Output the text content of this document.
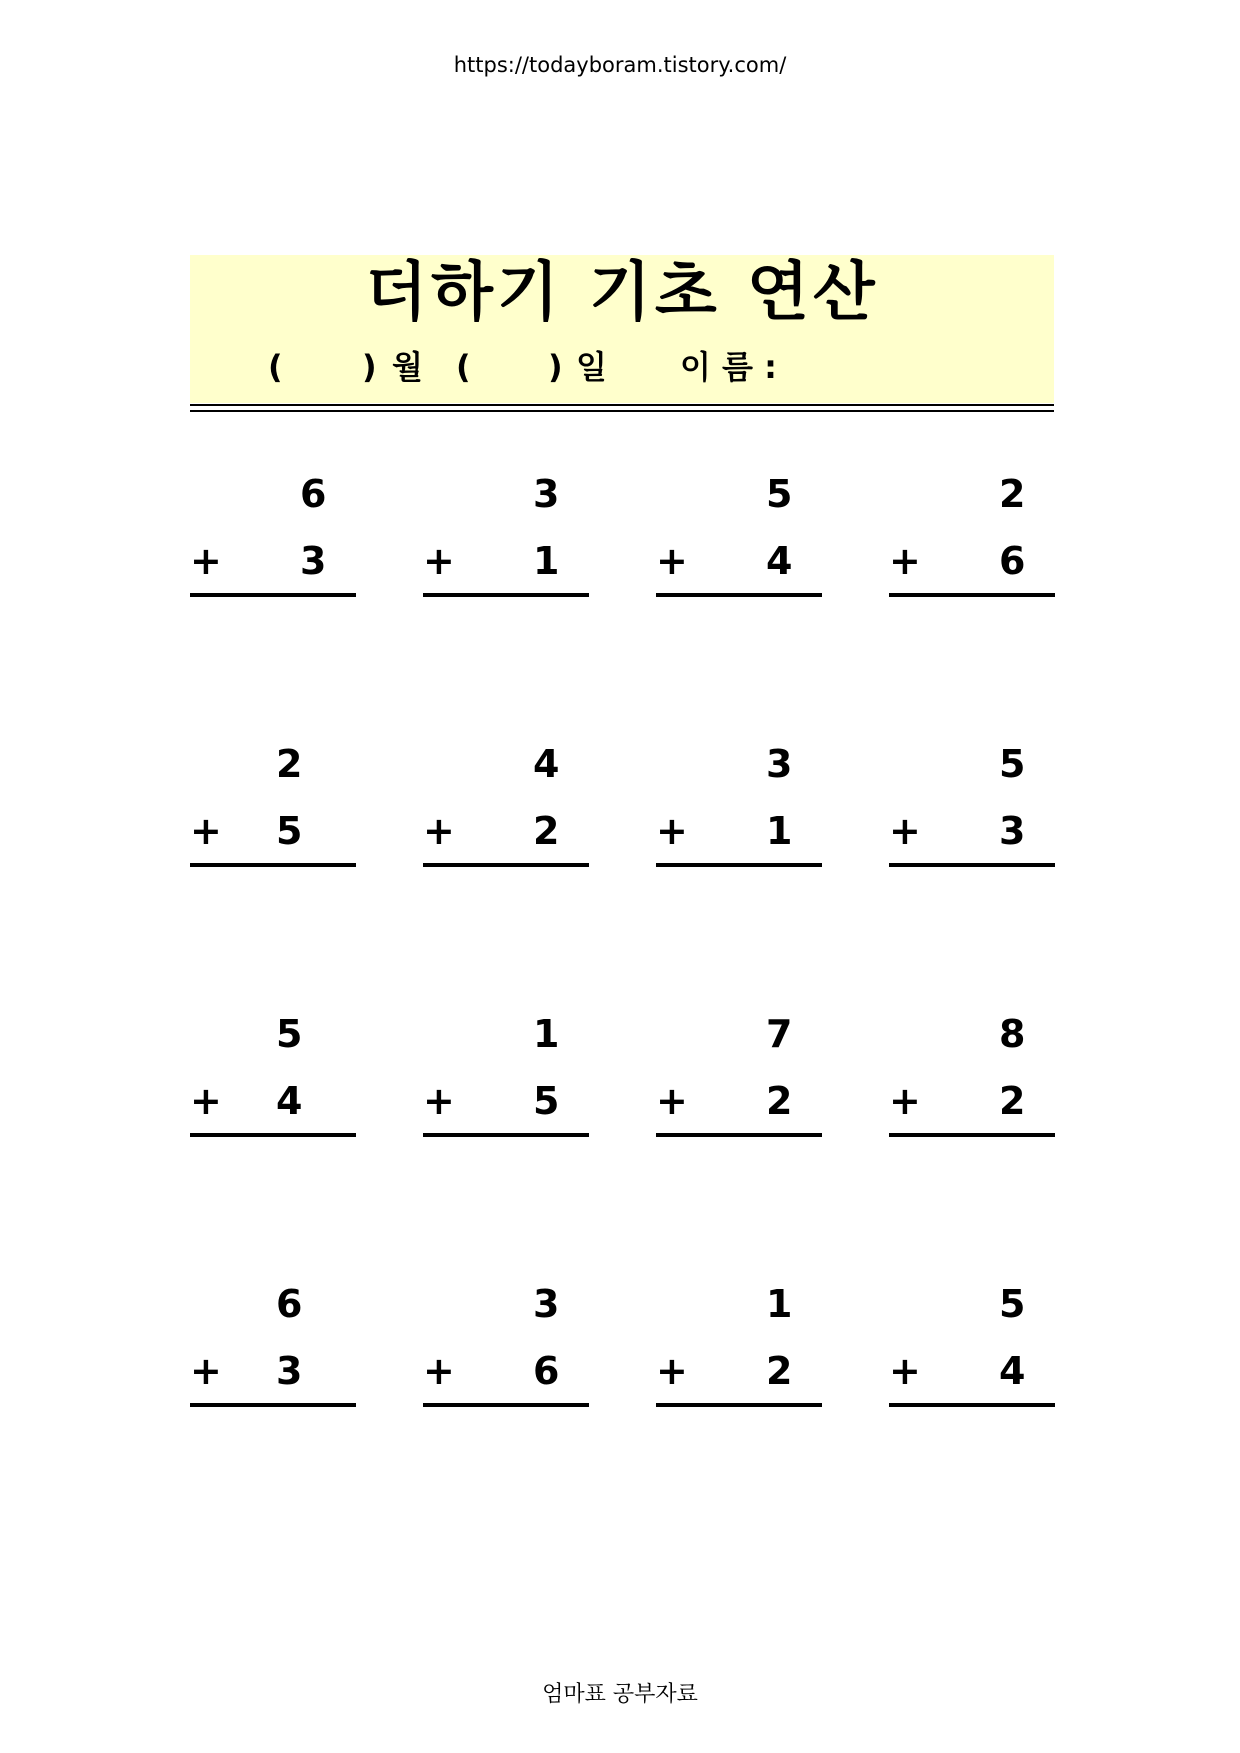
https://todayboram.tistory.com/
더하기 기초 연산
( ) 월 ( ) 일 이 름 :
6
+ 3
3
+ 1
5
+ 4
2
+ 6
2
+ 5
4
+ 2
3
+ 1
5
+ 3
5
+ 4
1
+ 5
7
+ 2
8
+ 2
6
+ 3
3
+ 6
1
+ 2
5
+ 4
엄마표 공부자료
